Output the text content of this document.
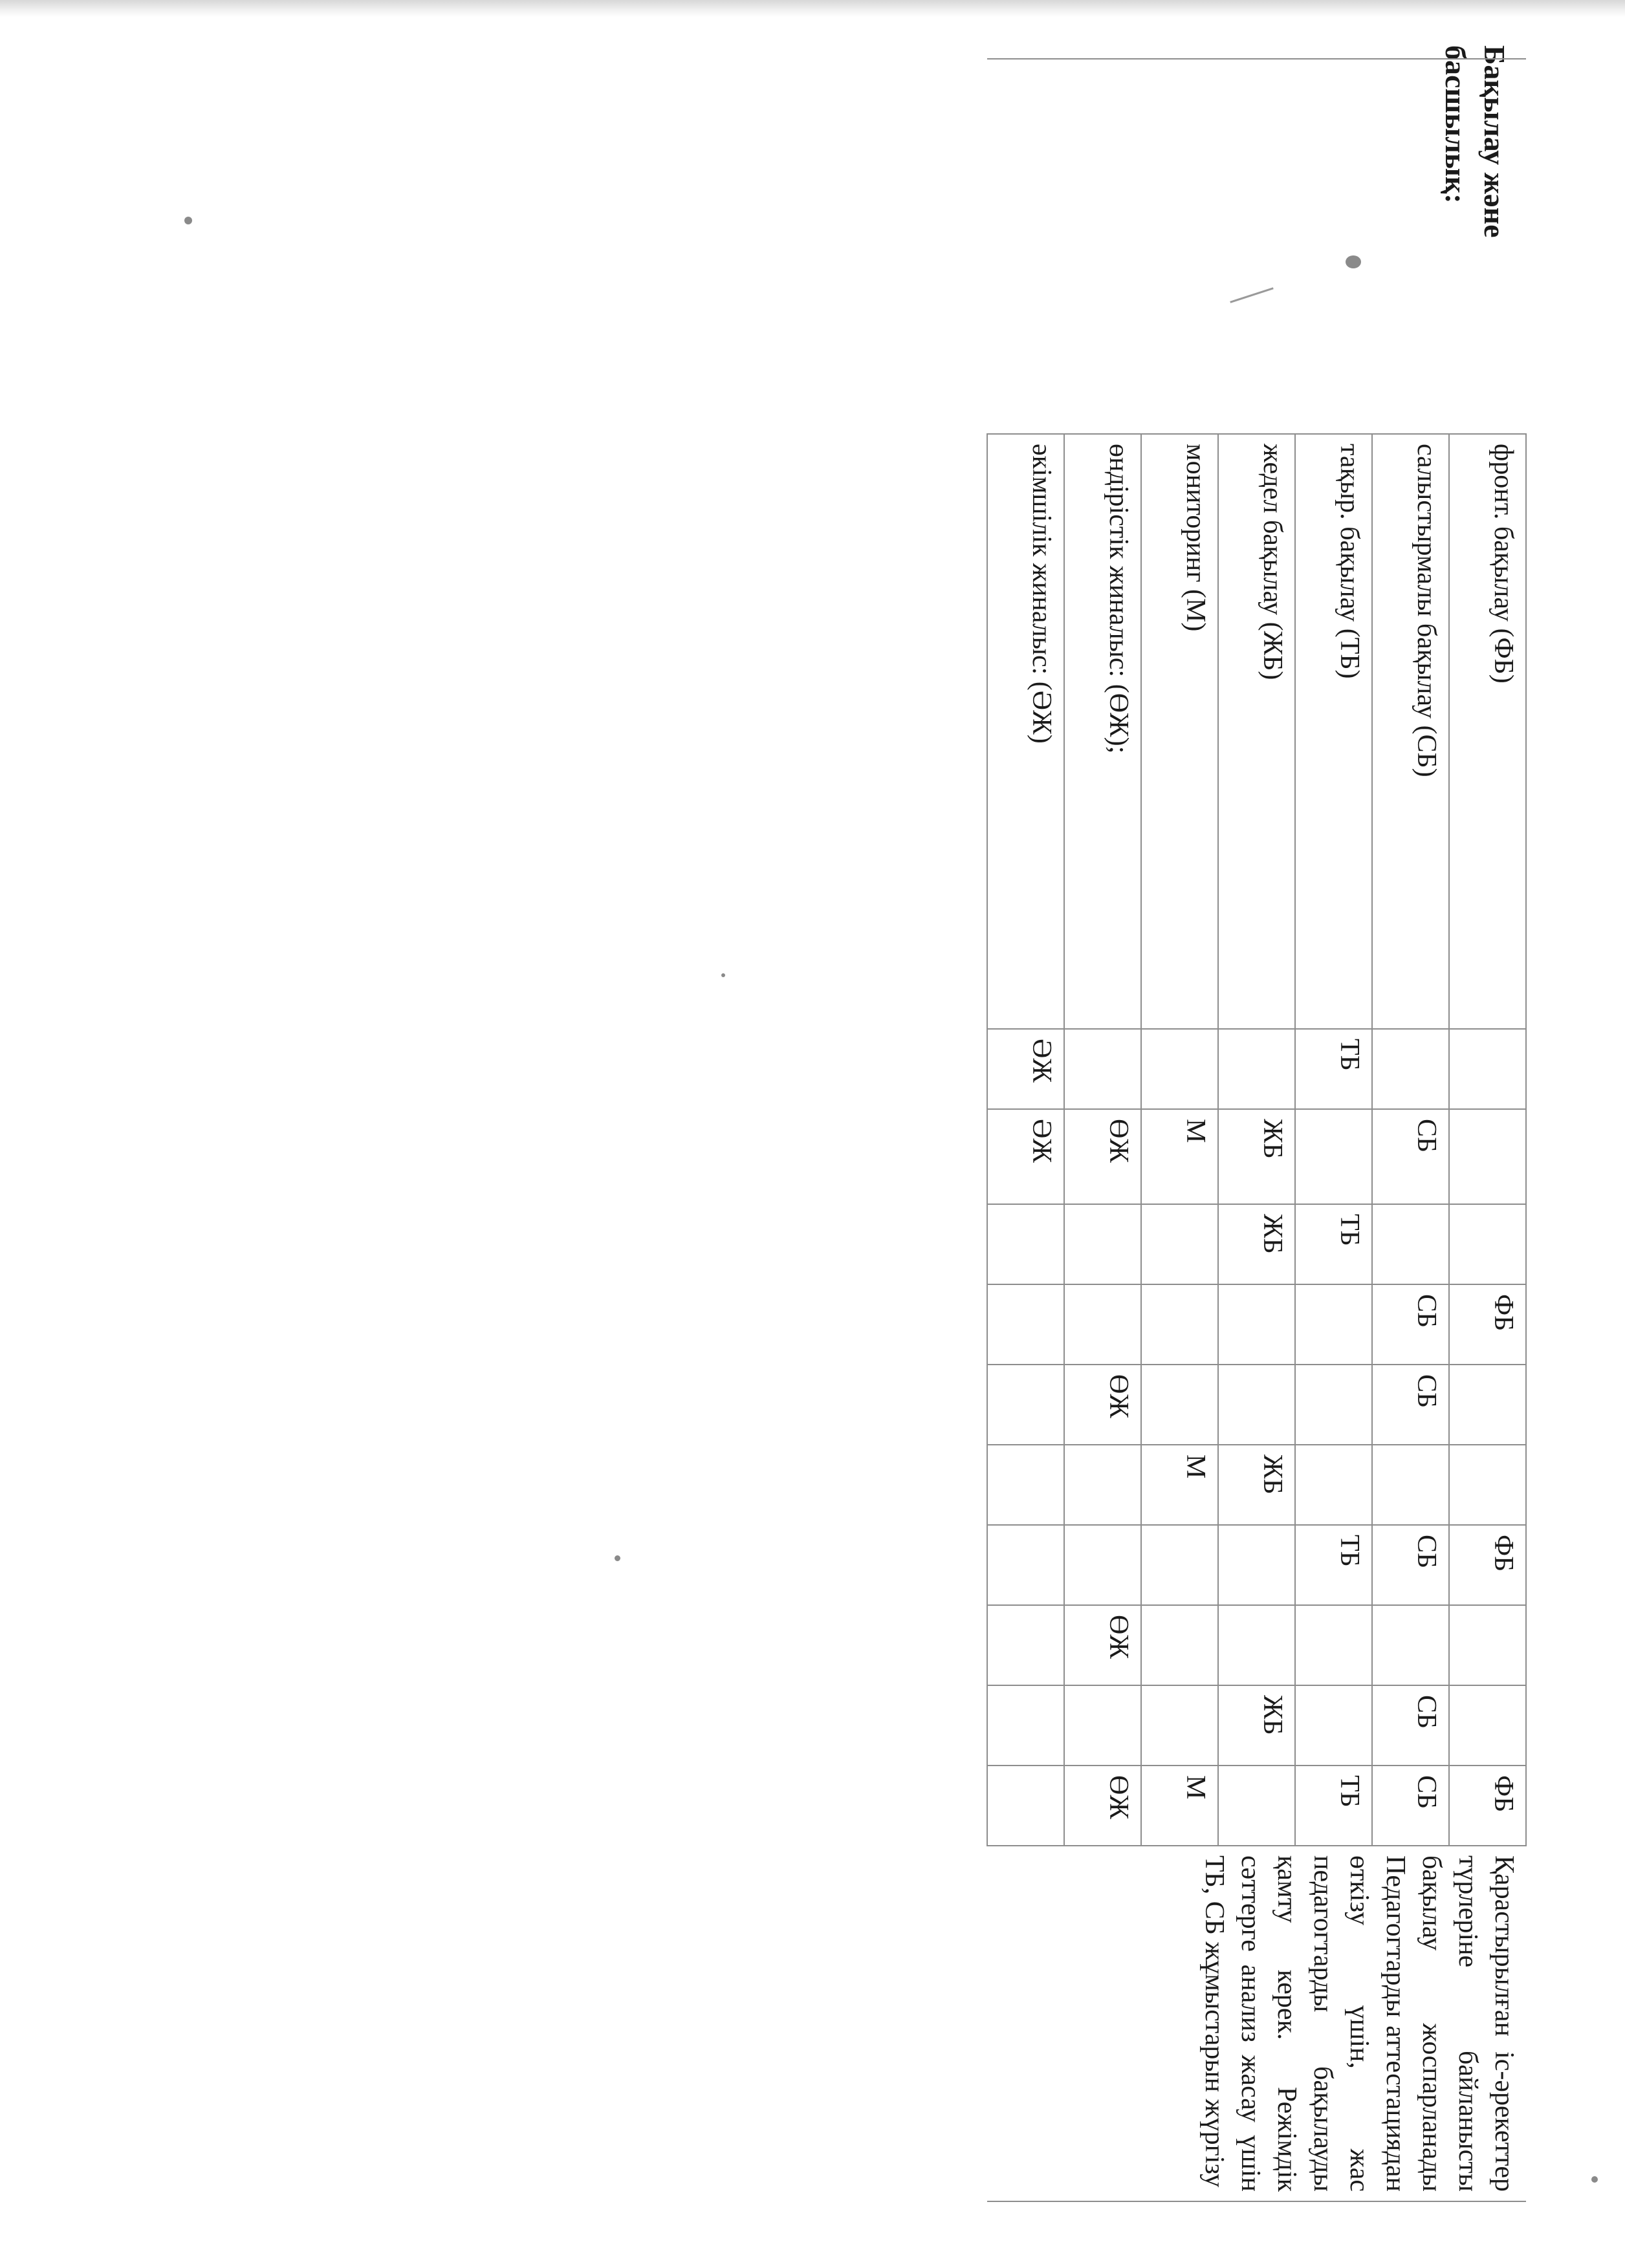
Бақылау және басшылық:
	фронт. бақылау (ФБ)				ФБ			ФБ			ФБ	Қарастырылған іс-әрекеттер түрлеріне байланысты бақылау жоспарланады Педагогтарды аттестациядан өткізу үшін, жас педагогтарды бақылауды қамту керек. Режімдік сәттерге анализ жасау үшін ТБ, СБ жұмыстарын жүргізу

	салыстырмалы бақылау (СБ)		СБ		СБ	СБ		СБ		СБ	СБ	
	тақыр. бақылау (ТБ)	ТБ		ТБ				ТБ			ТБ	
	жедел бақылау (ЖБ)		ЖБ	ЖБ			ЖБ			ЖБ		
	мониторинг (М)		М				М				М	
	өндірістік жиналыс: (ӨЖ);		ӨЖ			ӨЖ			ӨЖ		ӨЖ	
	әкімшілік жиналыс: (ӘЖ)	ӘЖ	ӘЖ									
